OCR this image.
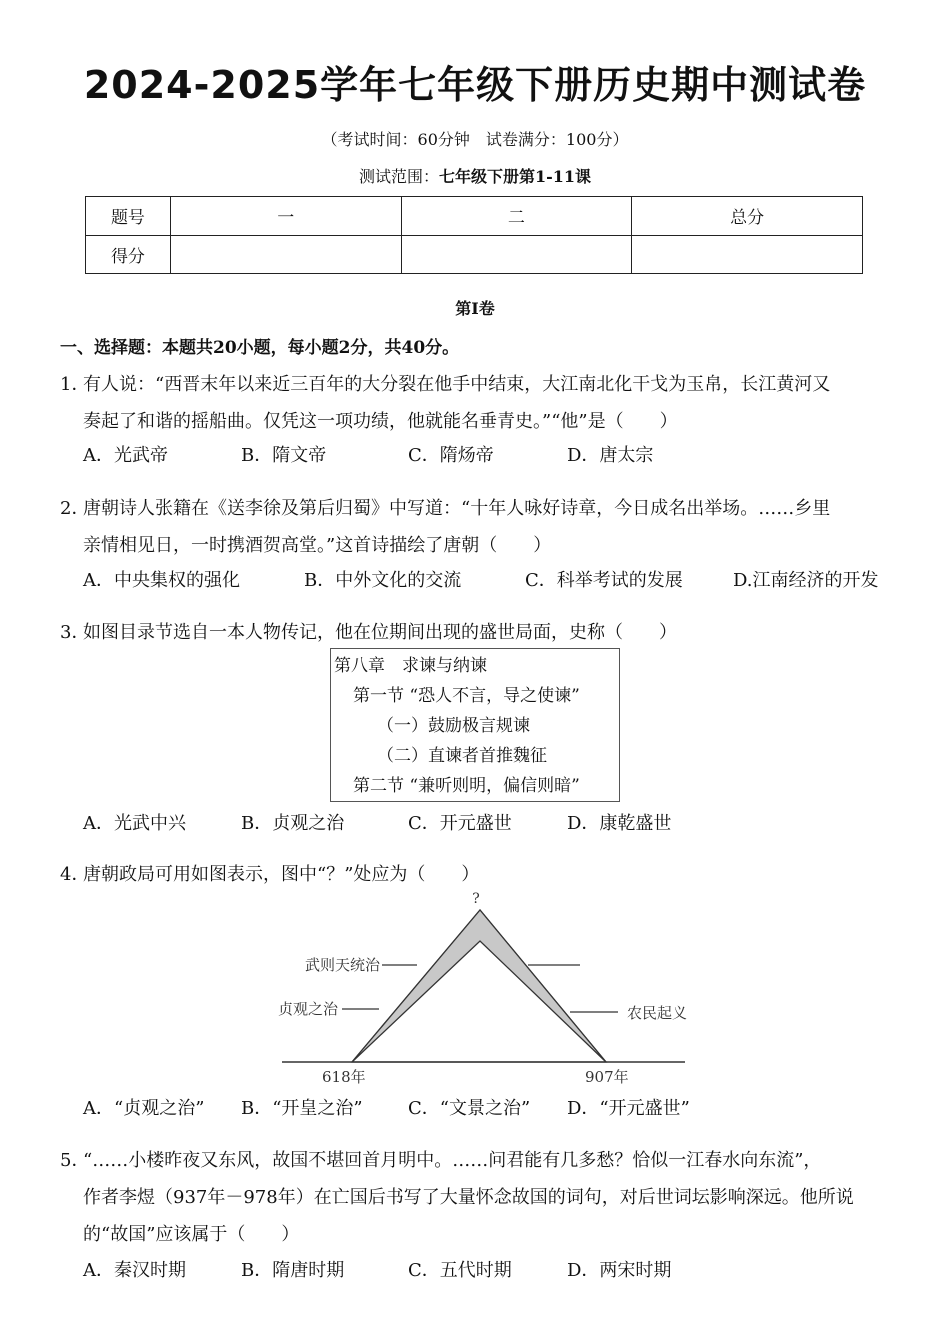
2024-2025学年七年级下册历史期中测试卷
（考试时间：60分钟　试卷满分：100分）
测试范围：七年级下册第1-11课
题号	一	二	总分
得分			
第I卷
一、选择题：本题共20小题，每小题2分，共40分。
1．
有人说：“西晋末年以来近三百年的大分裂在他手中结束，大江南北化干戈为玉帛，长江黄河又
奏起了和谐的摇船曲。仅凭这一项功绩，他就能名垂青史。”“他”是（　　）
A．光武帝	B．隋文帝	C．隋炀帝	D．唐太宗
2．
唐朝诗人张籍在《送李徐及第后归蜀》中写道：“十年人咏好诗章，今日成名出举场。……乡里
亲情相见日，一时携酒贺高堂。”这首诗描绘了唐朝（　　）
A．中央集权的强化	B．中外文化的交流	C．科举考试的发展	D.江南经济的开发
3．
如图目录节选自一本人物传记，他在位期间出现的盛世局面，史称（　　）
第八章　求谏与纳谏
第一节 “恐人不言，导之使谏”
（一）鼓励极言规谏
（二）直谏者首推魏征
第二节 “兼听则明，偏信则暗”
A．光武中兴	B．贞观之治	C．开元盛世	D．康乾盛世
4．
唐朝政局可用如图表示，图中“？”处应为（　　）
?
武则天统治
贞观之治	农民起义
618年	907年
A．“贞观之治” B．“开皇之治”	C．“文景之治” D．“开元盛世”
5．
“……小楼昨夜又东风，故国不堪回首月明中。……问君能有几多愁？恰似一江春水向东流”，
作者李煜（937年－978年）在亡国后书写了大量怀念故国的词句，对后世词坛影响深远。他所说
的“故国”应该属于（　　）
A．秦汉时期	B．隋唐时期	C．五代时期	D．两宋时期
